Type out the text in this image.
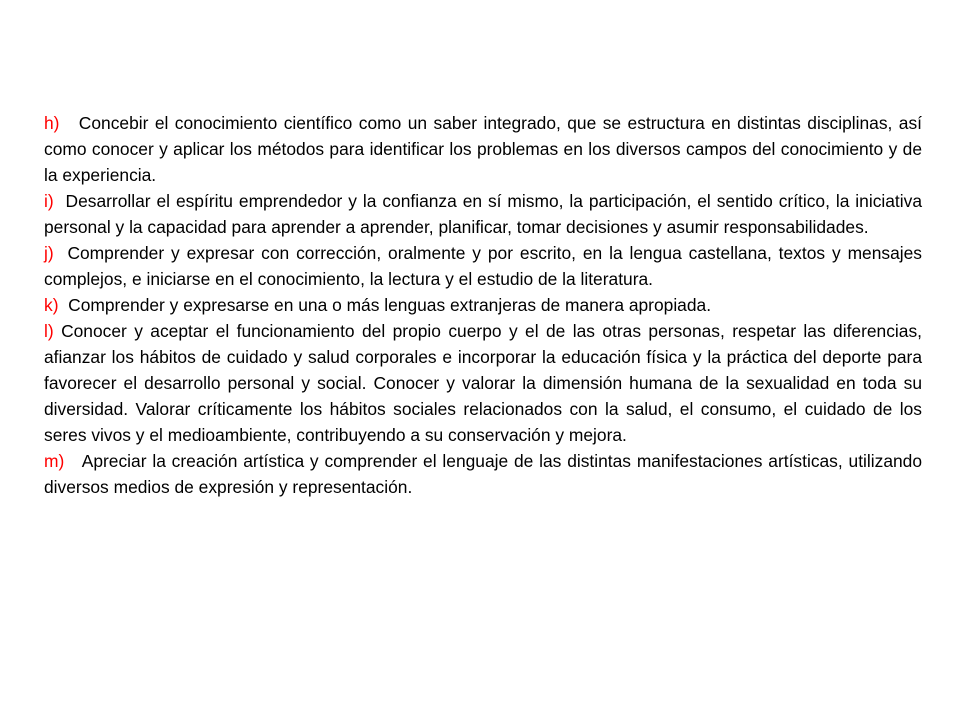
h) Concebir el conocimiento científico como un saber integrado, que se estructura en distintas disciplinas, así como conocer y aplicar los métodos para identificar los problemas en los diversos campos del conocimiento y de la experiencia.

i) Desarrollar el espíritu emprendedor y la confianza en sí mismo, la participación, el sentido crítico, la iniciativa personal y la capacidad para aprender a aprender, planificar, tomar decisiones y asumir responsabilidades.

j) Comprender y expresar con corrección, oralmente y por escrito, en la lengua castellana, textos y mensajes complejos, e iniciarse en el conocimiento, la lectura y el estudio de la literatura.

k) Comprender y expresarse en una o más lenguas extranjeras de manera apropiada.

l) Conocer y aceptar el funcionamiento del propio cuerpo y el de las otras personas, respetar las diferencias, afianzar los hábitos de cuidado y salud corporales e incorporar la educación física y la práctica del deporte para favorecer el desarrollo personal y social. Conocer y valorar la dimensión humana de la sexualidad en toda su diversidad. Valorar críticamente los hábitos sociales relacionados con la salud, el consumo, el cuidado de los seres vivos y el medioambiente, contribuyendo a su conservación y mejora.

m) Apreciar la creación artística y comprender el lenguaje de las distintas manifestaciones artísticas, utilizando diversos medios de expresión y representación.
